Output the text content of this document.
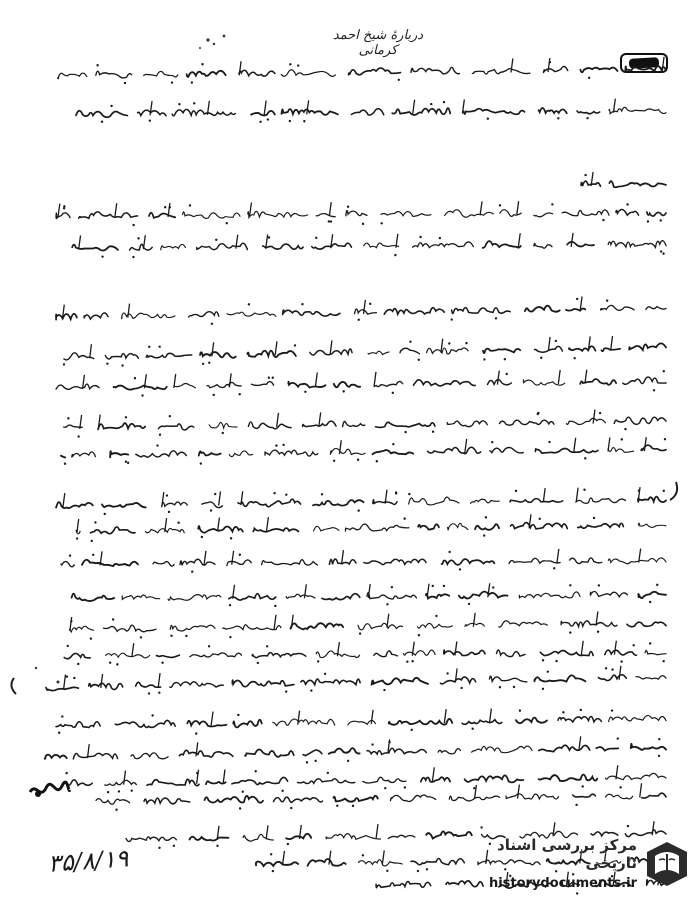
دربارهٔ شیخ احمد کرمانی
۳۵/۸/۱۹	مرکز بررسی اسناد تاریخی
historydocuments.ir
